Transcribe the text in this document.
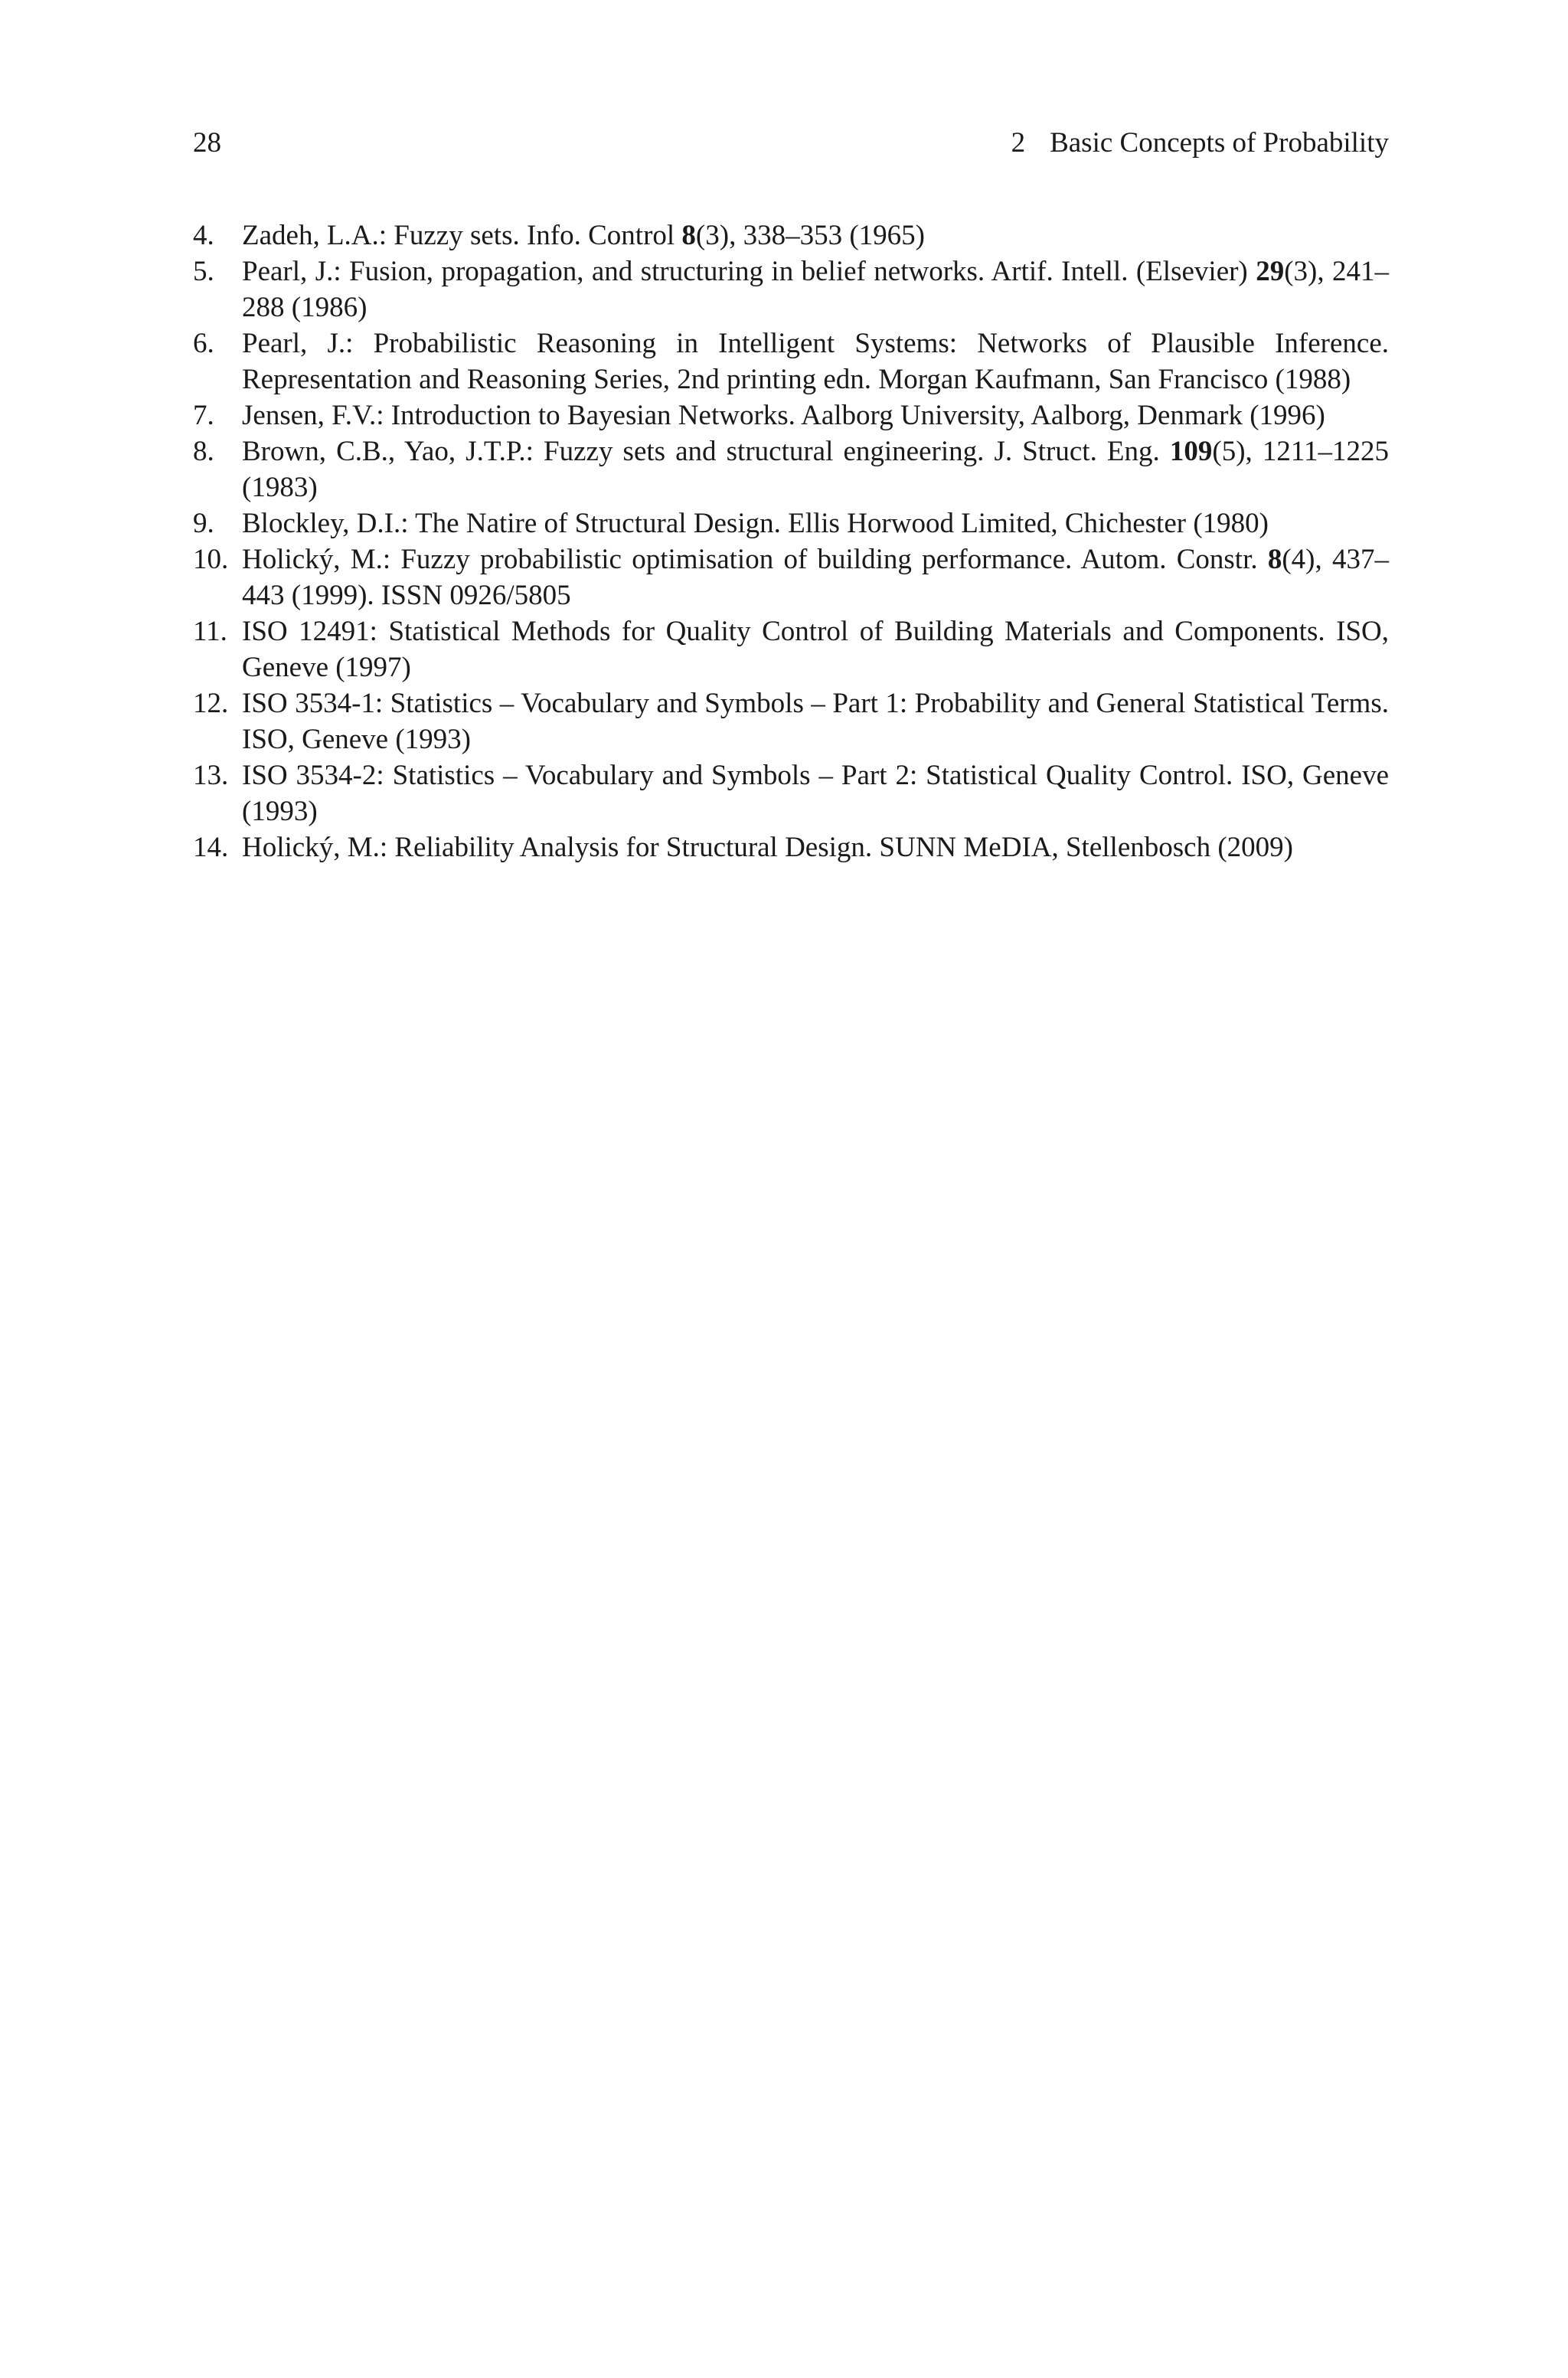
28	2 Basic Concepts of Probability
4. Zadeh, L.A.: Fuzzy sets. Info. Control 8(3), 338–353 (1965)
5. Pearl, J.: Fusion, propagation, and structuring in belief networks. Artif. Intell. (Elsevier) 29(3), 241–288 (1986)
6. Pearl, J.: Probabilistic Reasoning in Intelligent Systems: Networks of Plausible Inference. Representation and Reasoning Series, 2nd printing edn. Morgan Kaufmann, San Francisco (1988)
7. Jensen, F.V.: Introduction to Bayesian Networks. Aalborg University, Aalborg, Denmark (1996)
8. Brown, C.B., Yao, J.T.P.: Fuzzy sets and structural engineering. J. Struct. Eng. 109(5), 1211–1225 (1983)
9. Blockley, D.I.: The Natire of Structural Design. Ellis Horwood Limited, Chichester (1980)
10. Holický, M.: Fuzzy probabilistic optimisation of building performance. Autom. Constr. 8(4), 437–443 (1999). ISSN 0926/5805
11. ISO 12491: Statistical Methods for Quality Control of Building Materials and Components. ISO, Geneve (1997)
12. ISO 3534-1: Statistics – Vocabulary and Symbols – Part 1: Probability and General Statistical Terms. ISO, Geneve (1993)
13. ISO 3534-2: Statistics – Vocabulary and Symbols – Part 2: Statistical Quality Control. ISO, Geneve (1993)
14. Holický, M.: Reliability Analysis for Structural Design. SUNN MeDIA, Stellenbosch (2009)
